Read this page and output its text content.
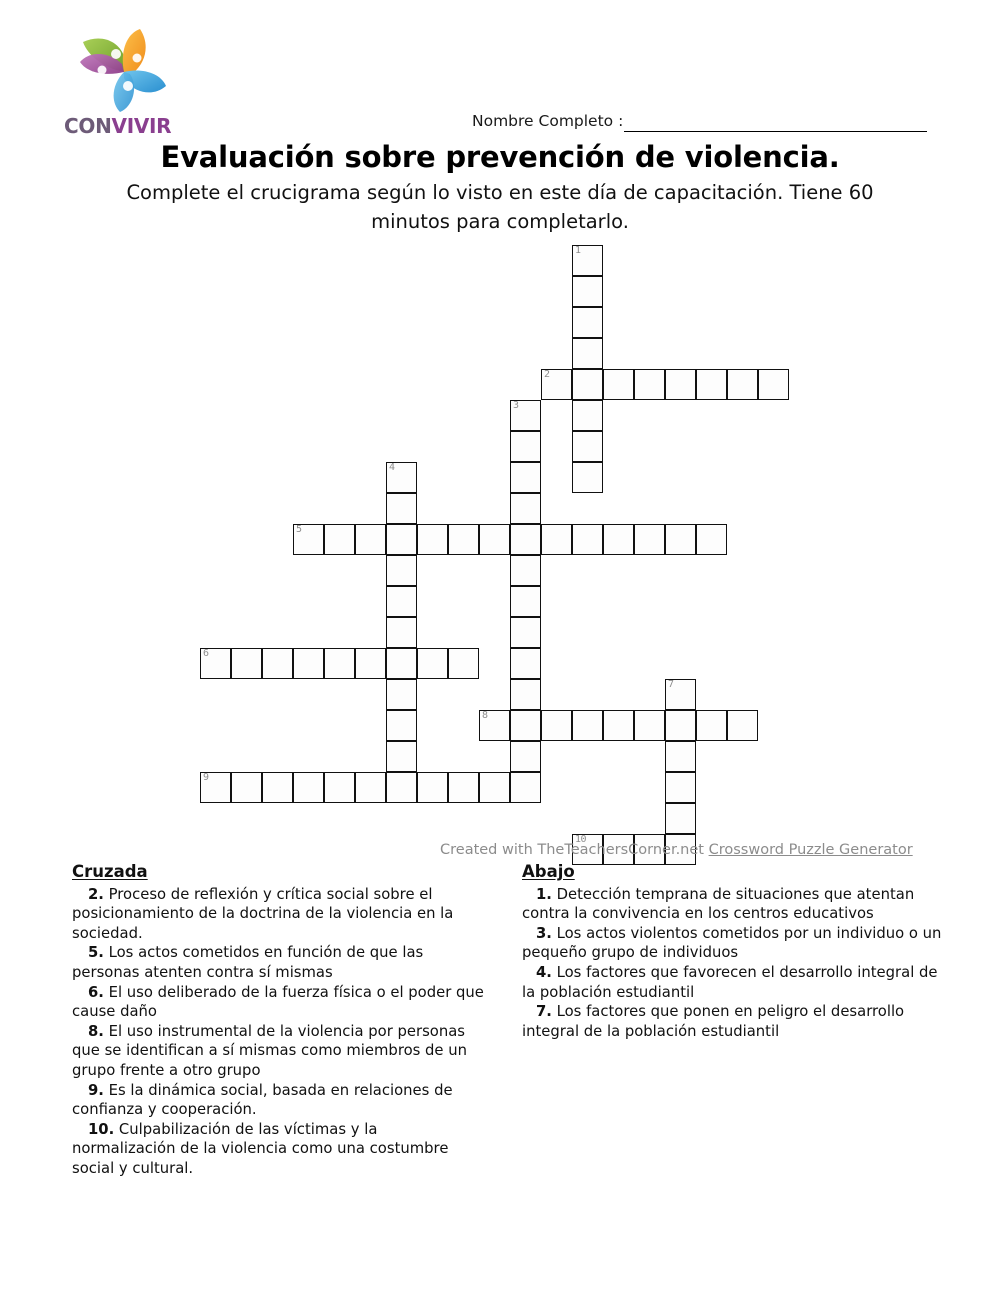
CONVIVIR	Nombre Completo :
Evaluación sobre prevención de violencia.
Complete el crucigrama según lo visto en este día de capacitación. Tiene 60 minutos para completarlo.
1
2
3
4
5
6
7
8
9
10
Created with TheTeachersCorner.net Crossword Puzzle Generator
Cruzada

2. Proceso de reflexión y crítica social sobre el posicionamiento de la doctrina de la violencia en la sociedad.

5. Los actos cometidos en función de que las personas atenten contra sí mismas

6. El uso deliberado de la fuerza física o el poder que cause daño

8. El uso instrumental de la violencia por personas que se identifican a sí mismas como miembros de un grupo frente a otro grupo

9. Es la dinámica social, basada en relaciones de confianza y cooperación.

10. Culpabilización de las víctimas y la normalización de la violencia como una costumbre social y cultural.

Abajo

1. Detección temprana de situaciones que atentan contra la convivencia en los centros educativos

3. Los actos violentos cometidos por un individuo o un pequeño grupo de individuos

4. Los factores que favorecen el desarrollo integral de la población estudiantil

7. Los factores que ponen en peligro el desarrollo integral de la población estudiantil
